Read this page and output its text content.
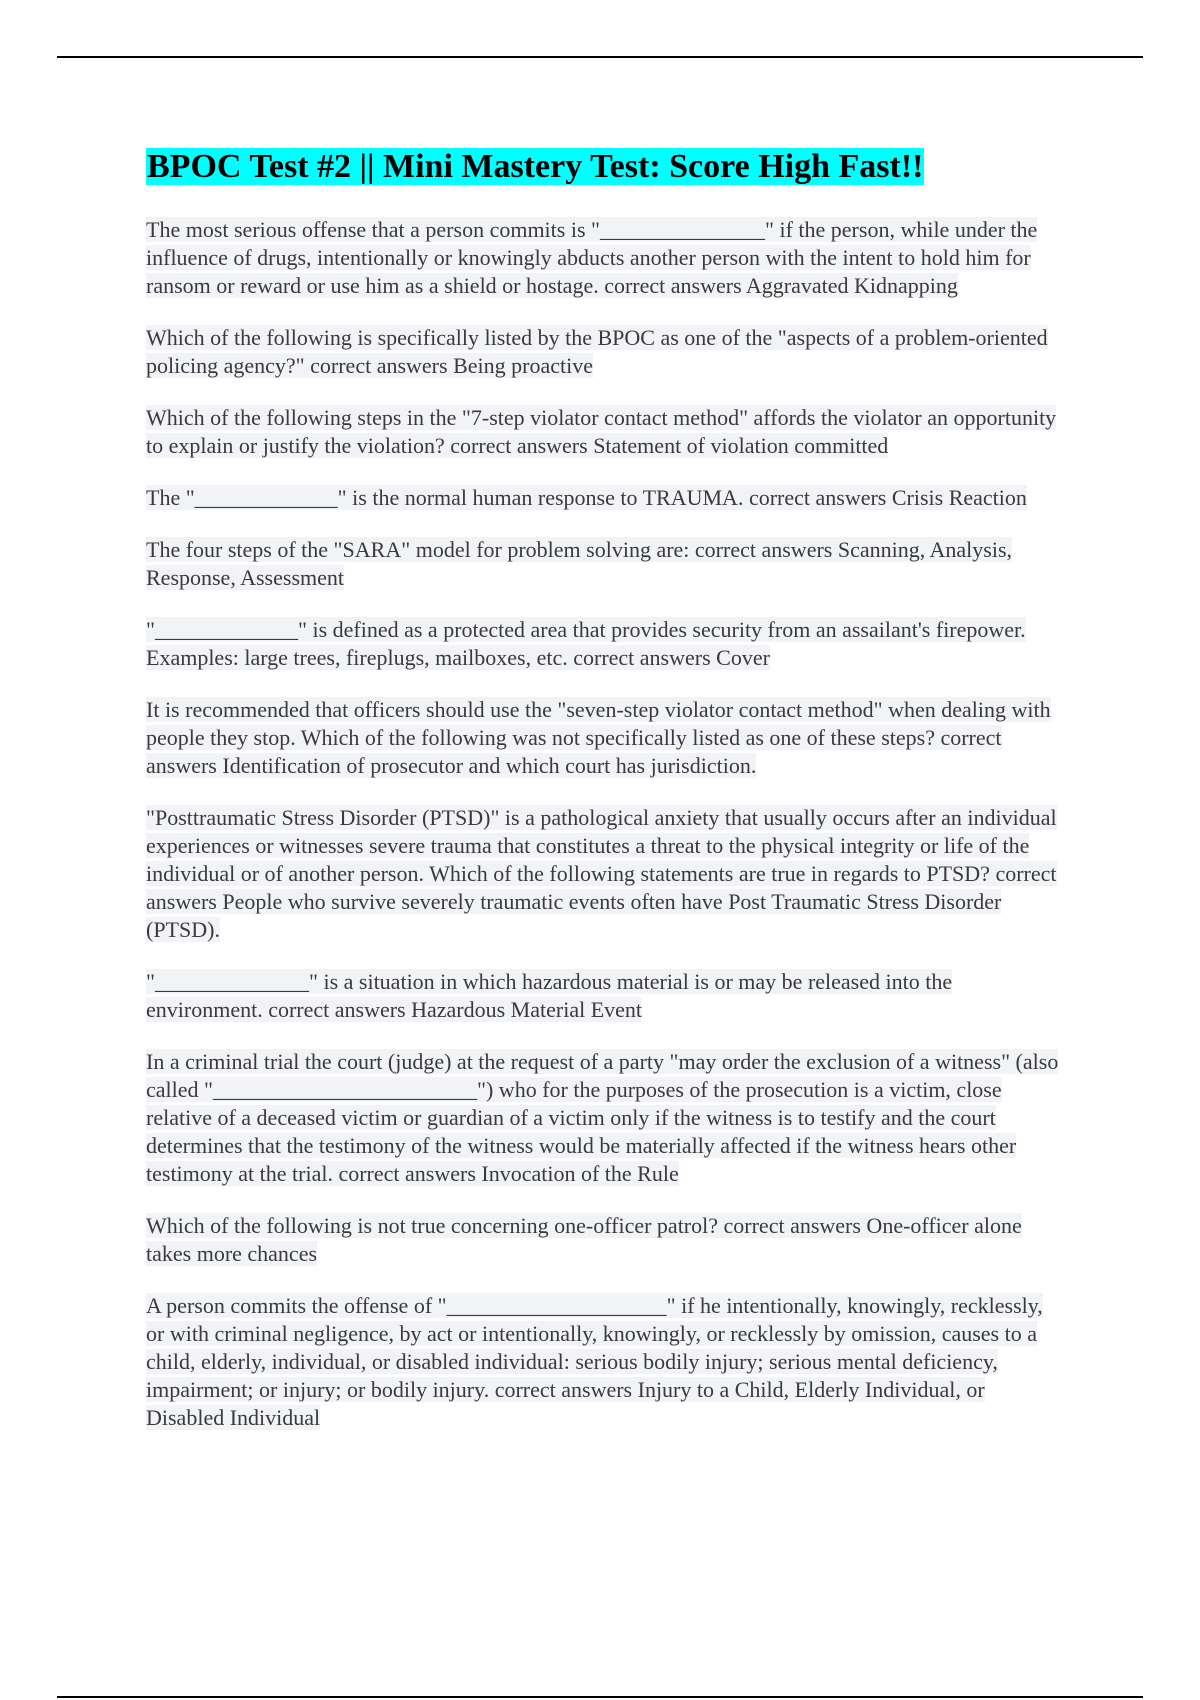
BPOC Test #2 || Mini Mastery Test: Score High Fast!!

The most serious offense that a person commits is "_______________" if the person, while under the influence of drugs, intentionally or knowingly abducts another person with the intent to hold him for ransom or reward or use him as a shield or hostage. correct answers Aggravated Kidnapping

Which of the following is specifically listed by the BPOC as one of the "aspects of a problem-oriented policing agency?" correct answers Being proactive

Which of the following steps in the "7-step violator contact method" affords the violator an opportunity to explain or justify the violation? correct answers Statement of violation committed

The "_____________" is the normal human response to TRAUMA. correct answers Crisis Reaction

The four steps of the "SARA" model for problem solving are: correct answers Scanning, Analysis, Response, Assessment

"_____________" is defined as a protected area that provides security from an assailant's firepower. Examples: large trees, fireplugs, mailboxes, etc. correct answers Cover

It is recommended that officers should use the "seven-step violator contact method" when dealing with people they stop. Which of the following was not specifically listed as one of these steps? correct answers Identification of prosecutor and which court has jurisdiction.

"Posttraumatic Stress Disorder (PTSD)" is a pathological anxiety that usually occurs after an individual experiences or witnesses severe trauma that constitutes a threat to the physical integrity or life of the individual or of another person. Which of the following statements are true in regards to PTSD? correct answers People who survive severely traumatic events often have Post Traumatic Stress Disorder (PTSD).

"______________" is a situation in which hazardous material is or may be released into the environment. correct answers Hazardous Material Event

In a criminal trial the court (judge) at the request of a party "may order the exclusion of a witness" (also called "________________________") who for the purposes of the prosecution is a victim, close relative of a deceased victim or guardian of a victim only if the witness is to testify and the court determines that the testimony of the witness would be materially affected if the witness hears other testimony at the trial. correct answers Invocation of the Rule

Which of the following is not true concerning one-officer patrol? correct answers One-officer alone takes more chances

A person commits the offense of "____________________" if he intentionally, knowingly, recklessly, or with criminal negligence, by act or intentionally, knowingly, or recklessly by omission, causes to a child, elderly, individual, or disabled individual: serious bodily injury; serious mental deficiency, impairment; or injury; or bodily injury. correct answers Injury to a Child, Elderly Individual, or Disabled Individual
